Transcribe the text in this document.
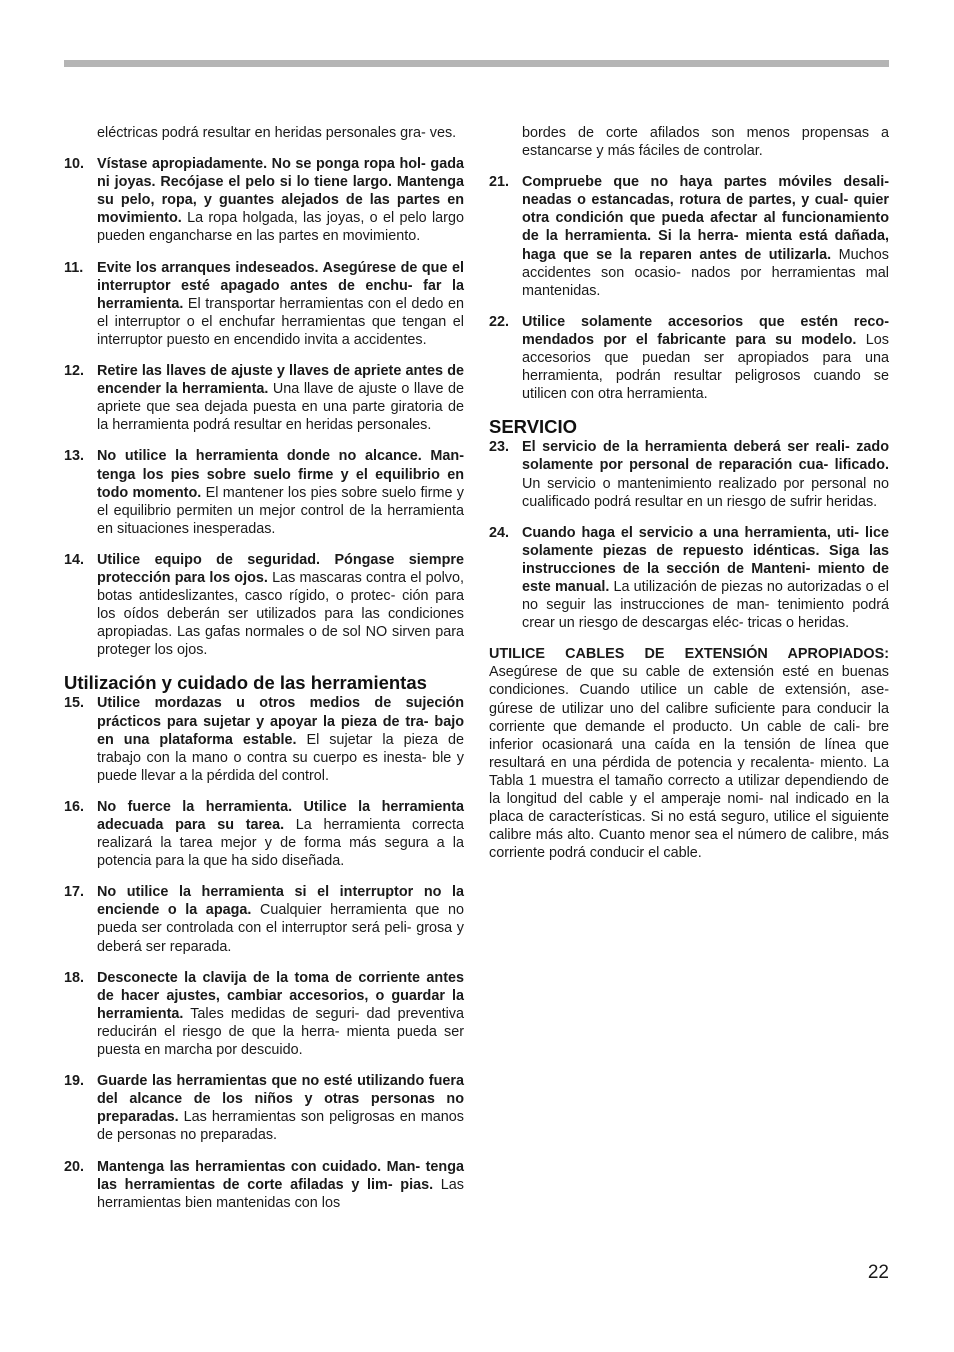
eléctricas podrá resultar en heridas personales gra- ves.

10. Vístase apropiadamente. No se ponga ropa hol- gada ni joyas. Recójase el pelo si lo tiene largo. Mantenga su pelo, ropa, y guantes alejados de las partes en movimiento. La ropa holgada, las joyas, o el pelo largo pueden engancharse en las partes en movimiento.
11. Evite los arranques indeseados. Asegúrese de que el interruptor esté apagado antes de enchu- far la herramienta. El transportar herramientas con el dedo en el interruptor o el enchufar herramientas que tengan el interruptor puesto en encendido invita a accidentes.
12. Retire las llaves de ajuste y llaves de apriete antes de encender la herramienta. Una llave de ajuste o llave de apriete que sea dejada puesta en una parte giratoria de la herramienta podrá resultar en heridas personales.
13. No utilice la herramienta donde no alcance. Man- tenga los pies sobre suelo firme y el equilibrio en todo momento. El mantener los pies sobre suelo firme y el equilibrio permiten un mejor control de la herramienta en situaciones inesperadas.
14. Utilice equipo de seguridad. Póngase siempre protección para los ojos. Las mascaras contra el polvo, botas antideslizantes, casco rígido, o protec- ción para los oídos deberán ser utilizados para las condiciones apropiadas. Las gafas normales o de sol NO sirven para proteger los ojos.
Utilización y cuidado de las herramientas
15. Utilice mordazas u otros medios de sujeción prácticos para sujetar y apoyar la pieza de tra- bajo en una plataforma estable. El sujetar la pieza de trabajo con la mano o contra su cuerpo es inesta- ble y puede llevar a la pérdida del control.
16. No fuerce la herramienta. Utilice la herramienta adecuada para su tarea. La herramienta correcta realizará la tarea mejor y de forma más segura a la potencia para la que ha sido diseñada.
17. No utilice la herramienta si el interruptor no la enciende o la apaga. Cualquier herramienta que no pueda ser controlada con el interruptor será peli- grosa y deberá ser reparada.
18. Desconecte la clavija de la toma de corriente antes de hacer ajustes, cambiar accesorios, o guardar la herramienta. Tales medidas de seguri- dad preventiva reducirán el riesgo de que la herra- mienta pueda ser puesta en marcha por descuido.
19. Guarde las herramientas que no esté utilizando fuera del alcance de los niños y otras personas no preparadas. Las herramientas son peligrosas en manos de personas no preparadas.
20. Mantenga las herramientas con cuidado. Man- tenga las herramientas de corte afiladas y lim- pias. Las herramientas bien mantenidas con los

bordes de corte afilados son menos propensas a estancarse y más fáciles de controlar.

21. Compruebe que no haya partes móviles desali- neadas o estancadas, rotura de partes, y cual- quier otra condición que pueda afectar al funcionamiento de la herramienta. Si la herra- mienta está dañada, haga que se la reparen antes de utilizarla. Muchos accidentes son ocasio- nados por herramientas mal mantenidas.
22. Utilice solamente accesorios que estén reco- mendados por el fabricante para su modelo. Los accesorios que puedan ser apropiados para una herramienta, podrán resultar peligrosos cuando se utilicen con otra herramienta.
SERVICIO
23. El servicio de la herramienta deberá ser reali- zado solamente por personal de reparación cua- lificado. Un servicio o mantenimiento realizado por personal no cualificado podrá resultar en un riesgo de sufrir heridas.
24. Cuando haga el servicio a una herramienta, uti- lice solamente piezas de repuesto idénticas. Siga las instrucciones de la sección de Manteni- miento de este manual. La utilización de piezas no autorizadas o el no seguir las instrucciones de man- tenimiento podrá crear un riesgo de descargas eléc- tricas o heridas.

UTILICE CABLES DE EXTENSIÓN APROPIADOS: Asegúrese de que su cable de extensión esté en buenas condiciones. Cuando utilice un cable de extensión, ase- gúrese de utilizar uno del calibre suficiente para conducir la corriente que demande el producto. Un cable de cali- bre inferior ocasionará una caída en la tensión de línea que resultará en una pérdida de potencia y recalenta- miento. La Tabla 1 muestra el tamaño correcto a utilizar dependiendo de la longitud del cable y el amperaje nomi- nal indicado en la placa de características. Si no está seguro, utilice el siguiente calibre más alto. Cuanto menor sea el número de calibre, más corriente podrá conducir el cable.

22
